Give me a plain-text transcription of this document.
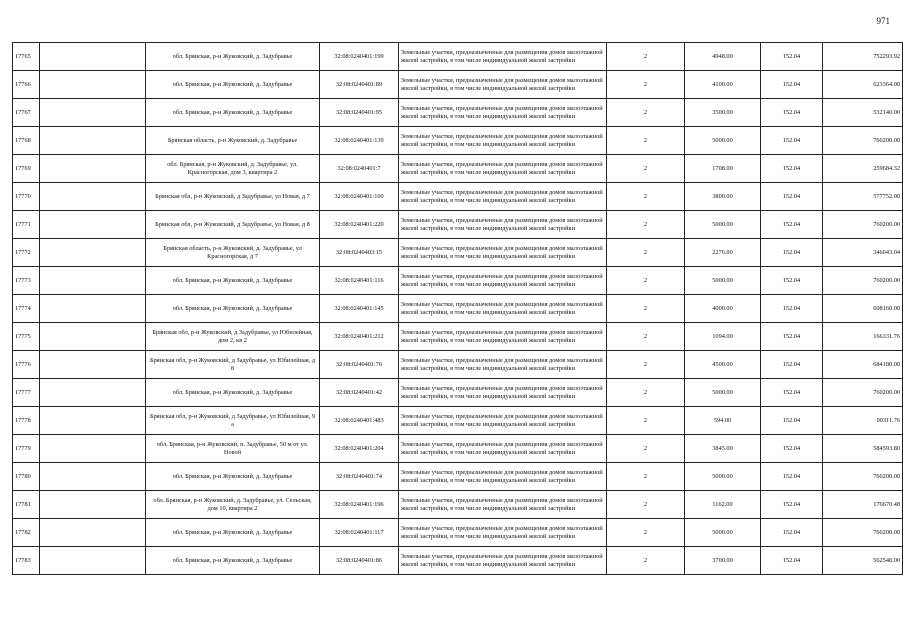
971
17765		обл. Брянская, р-н Жуковский, д. Задубравье	32:08:0240401:199	Земельные участки, предназначенные для размещения домов малоэтажной жилой застройки, в том числе индивидуальной жилой застройки	2	4948.00	152.04	752293.92
17766		обл. Брянская, р-н Жуковский, д. Задубравье	32:08:0240401:89	Земельные участки, предназначенные для размещения домов малоэтажной жилой застройки, в том числе индивидуальной жилой застройки	2	4100.00	152.04	623364.00
17767		обл. Брянская, р-н Жуковский, д. Задубравье	32:08:0240401:95	Земельные участки, предназначенные для размещения домов малоэтажной жилой застройки, в том числе индивидуальной жилой застройки	2	3500.00	152.04	532140.00
17768		Брянская область, р-н Жуковский, д. Задубравье	32:08:0240401:139	Земельные участки, предназначенные для размещения домов малоэтажной жилой застройки, в том числе индивидуальной жилой застройки	2	5000.00	152.04	760200.00
17769		обл. Брянская, р-н Жуковский, д. Задубравье, ул. Красногорская, дом 3, квартира 2	32:08:0240401:7	Земельные участки, предназначенные для размещения домов малоэтажной жилой застройки, в том числе индивидуальной жилой застройки	2	1708.00	152.04	259684.32
17770		Брянская обл, р-н Жуковский, д Задубравье, ул Новая, д 7	32:08:0240401:100	Земельные участки, предназначенные для размещения домов малоэтажной жилой застройки, в том числе индивидуальной жилой застройки	2	3800.00	152.04	577752.00
17771		Брянская обл, р-н Жуковский, д Задубравье, ул Новая, д 8	32:08:0240401:220	Земельные участки, предназначенные для размещения домов малоэтажной жилой застройки, в том числе индивидуальной жилой застройки	2	5000.00	152.04	760200.00
17772		Брянская область, р-н Жуковский, д. Задубравье, ул Красногорская, д 7	32:08:0240403:15	Земельные участки, предназначенные для размещения домов малоэтажной жилой застройки, в том числе индивидуальной жилой застройки	2	2276.00	152.04	346043.04
17773		обл. Брянская, р-н Жуковский, д. Задубравье	32:08:0240401:116	Земельные участки, предназначенные для размещения домов малоэтажной жилой застройки, в том числе индивидуальной жилой застройки	2	5000.00	152.04	760200.00
17774		обл. Брянская, р-н Жуковский, д. Задубравье	32:08:0240401:145	Земельные участки, предназначенные для размещения домов малоэтажной жилой застройки, в том числе индивидуальной жилой застройки	2	4000.00	152.04	608160.00
17775		Брянская обл, р-н Жуковский, д Задубравье, ул Юбилейная, дом 2, кв 2	32:08:0240401:212	Земельные участки, предназначенные для размещения домов малоэтажной жилой застройки, в том числе индивидуальной жилой застройки	2	1094.00	152.04	166331.76
17776		Брянская обл, р-н Жуковский, д Задубравье, ул Юбилейная, д 8	32:08:0240401:76	Земельные участки, предназначенные для размещения домов малоэтажной жилой застройки, в том числе индивидуальной жилой застройки	2	4500.00	152.04	684180.00
17777		обл. Брянская, р-н Жуковский, д. Задубравье	32:08:0240401:42	Земельные участки, предназначенные для размещения домов малоэтажной жилой застройки, в том числе индивидуальной жилой застройки	2	5000.00	152.04	760200.00
17778		Брянская обл, р-н Жуковский, д Задубравье, ул Юбилейная, 9 а	32:08:0240401:483	Земельные участки, предназначенные для размещения домов малоэтажной жилой застройки, в том числе индивидуальной жилой застройки	2	594.00	152.04	90311.76
17779		обл. Брянская, р-н Жуковский, п. Задубравье, 50 м от ул. Новой	32:08:0240401:204	Земельные участки, предназначенные для размещения домов малоэтажной жилой застройки, в том числе индивидуальной жилой застройки	2	3845.00	152.04	584593.80
17780		обл. Брянская, р-н Жуковский, д. Задубравье	32:08:0240401:74	Земельные участки, предназначенные для размещения домов малоэтажной жилой застройки, в том числе индивидуальной жилой застройки	2	5000.00	152.04	760200.00
17781		обл. Брянская, р-н Жуковский, д. Задубравье, ул. Сельская, дом 10, квартира 2	32:08:0240401:196	Земельные участки, предназначенные для размещения домов малоэтажной жилой застройки, в том числе индивидуальной жилой застройки	2	1162.00	152.04	176670.48
17782		обл. Брянская, р-н Жуковский, д. Задубравье	32:08:0240401:117	Земельные участки, предназначенные для размещения домов малоэтажной жилой застройки, в том числе индивидуальной жилой застройки	2	5000.00	152.04	760200.00
17783		обл. Брянская, р-н Жуковский, д. Задубравье	32:08:0240401:86	Земельные участки, предназначенные для размещения домов малоэтажной жилой застройки, в том числе индивидуальной жилой застройки	2	3700.00	152.04	562548.00
